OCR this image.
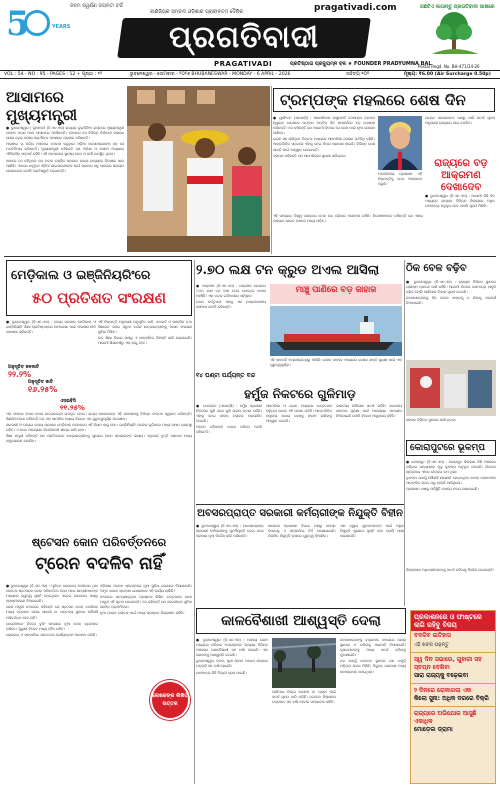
5	YEARS
ଜନ୍ମ ସ୍ୱର୍ଣ୍ଣ ଜୟନ୍ତୀ ବର୍ଷ
ବାଣିଜ୍ୟିକ ସମ୍ବାଦ ଓଡ଼ିଶାର ପ୍ରାଚୀନତମ ଦୈନିକ	pragativadi.com
ପ୍ରଗତିବାଦୀ
PRAGATIVADI	ପ୍ରତିଷ୍ଠାତା ପ୍ରଦ୍ୟୁମ୍ନ ବଳ ★ FOUNDER PRADYUMNA BAL
ଗଛଟିଏ ଲଗାନ୍ତୁ ପ୍ରଗତିବାଦୀ ପାଖରେ
VOL : 54 - NO : 95 - PAGES : 12 + ପୃଷ୍ଠା : ୧୨	ଭୁବନେଶ୍ୱର - ସୋମବାର - ୨୦୨୬ BHUBANESWAR - MONDAY - 6 APRIL - 2026
Postal Regd. No. BH-471/24-26
ମୂଲ୍ୟ: ₹6.00 (Air Surcharge 0.50p)
ସାହିତ୍ୟ ୧୦୨
ଆସାମରେ ମୁଖ୍ୟମନ୍ତ୍ରୀ

● ଭୁବନେଶ୍ୱର / ଗୁଆହାଟୀ (ବି.ଏନ.ଏସ) ରାଜ୍ୟର ଦୁଇଦିନିଆ ଗସ୍ତରେ ମୁଖ୍ୟମନ୍ତ୍ରୀ ମୋହନ ଚରଣ ମାଝୀ ଆସାମରେ ପହଞ୍ଚିଛନ୍ତି। ସେଠାରେ ସେ ବିଭିନ୍ନ ନିର୍ବାଚନୀ ସଭାରେ ଯୋଗ ଦେଇ ଦଳୀୟ ପ୍ରାର୍ଥୀଙ୍କ ସପକ୍ଷରେ ପ୍ରଚାର କରିଛନ୍ତି।

ଆସାମର ଚା ବଗିଚା ଅଞ୍ଚଳରେ ବସବାସ କରୁଥିବା ଓଡ଼ିଆ ଜନସାଧାରଣଙ୍କ ସହ ସେ ମତବିନିମୟ କରିଛନ୍ତି। ମୁଖ୍ୟମନ୍ତ୍ରୀ କହିଛନ୍ତି ଯେ ଓଡ଼ିଶା ଓ ଆସାମ ମଧ୍ୟରେ ଐତିହାସିକ ସମ୍ପର୍କ ରହିଛି। ଏହି ଅବସରରେ ସ୍ଥାନୀୟ ନେତା ଓ କର୍ମୀ ଉପସ୍ଥିତ ଥିଲେ।

ସଭାରେ ସେ କହିଥିଲେ ଯେ ଡବଲ ଇଞ୍ଜିନ ସରକାର ଉଭୟ ରାଜ୍ୟରେ ବିକାଶର ଧାରା ଆଣିଛି। ଏଠାରେ ରହୁଥିବା ଓଡ଼ିଆ ଭାଇଭଉଣୀଙ୍କ ପାଇଁ ସରକାର ସବୁ ପ୍ରକାର ସହାୟତା ଯୋଗାଇବେ ବୋଲି ପ୍ରତିଶ୍ରୁତି ଦେଇଛନ୍ତି।

ଟ୍ରମ୍ପଙ୍କ ମହଲରେ ଶେଷ ଦିନ

● ୱାଶିଂଟନ (ଏଜେନ୍ସି) : ଆମେରିକାର ରାଷ୍ଟ୍ରପତି ଡୋନାଲ୍ଡ ଟ୍ରମ୍ପ ହ୍ୱାଇଟ ହାଉସରେ ତାଙ୍କର ଅନ୍ତିମ ଦିନ ସମ୍ପର୍କରେ ବଡ଼ ଘୋଷଣା କରିଛନ୍ତି। ସେ କହିଛନ୍ତି ଯେ ଆଗାମୀ ଦିନରେ ସେ ଦେଶ ପାଇଁ ନୂଆ ଯୋଜନା ଆଣିବେ।

ଇରାନ ସହ ଚାଲିଥିବା ତିକ୍ତତା ମଧ୍ୟରେ ଆମେରିକା ସେନାର ଗତିବିଧି ବଢ଼ିଛି। ଆନ୍ତର୍ଜାତିକ ସ୍ତରରେ ଏହାକୁ ନେଇ ଚିନ୍ତା ପ୍ରକାଶ ପାଇଛି। ବିଭିନ୍ନ ଦେଶ ଶାନ୍ତି ପାଇଁ ଆହ୍ୱାନ ଦେଇଛନ୍ତି।

ଟ୍ରମ୍ପ କହିଛନ୍ତି ଯେ ଆମେରିକାର ସୁରକ୍ଷା ସର୍ବାଗ୍ରେ।

ଅମେରିକୀୟ ପ୍ରଶାସନ ଏହି ନିଷ୍ପତ୍ତିକୁ ନେଇ ଆଲୋଚନା କରୁଛି।

କେନ୍ଦ୍ର ସରକାରଙ୍କ ପକ୍ଷରୁ ଜାରି ସତର୍କ ସୂଚନା ଅନୁଯାୟୀ ରାଜ୍ୟରେ ପାଗ ବଦଳିବ।

ରାଜ୍ୟରେ ବଡ଼ ଆକ୍ରମଣ ଦେଖାଦେବ

● ଭୁବନେଶ୍ୱର (ବି.ଏନ.ଏସ) : ଆଗାମୀ କିଛି ଦିନ ମଧ୍ୟରେ ରାଜ୍ୟର ବିଭିନ୍ନ ଜିଲ୍ଲାରେ ଅଧିକ ତାପମାତ୍ରା ଅନୁଭୂତ ହେବ ବୋଲି ସୂଚନା ମିଳିଛି।

ଏହି ସମୟରେ ବିଶ୍ୱ ବଜାରରେ ତେଲ ଦର ବଢ଼ିବାର ଆଶଙ୍କା ରହିଛି। ବିଶେଷଜ୍ଞମାନେ କହିଛନ୍ତି ଯେ ଏହାର ପ୍ରଭାବ ଭାରତ ଉପରେ ମଧ୍ୟ ପଡ଼ିବ।

ମେଡ଼ିକାଲ ଓ ଇଞ୍ଜିନିୟରିଂରେ
୫୦ ପ୍ରତିଶତ ସଂରକ୍ଷଣ

● ଭୁବନେଶ୍ୱର (ବି.ଏନ.ଏସ) : ରାଜ୍ୟ ସରକାର ମେଡ଼ିକାଲ ଓ ଇଞ୍ଜିନିୟରିଂ ଶିକ୍ଷା ପ୍ରତିଷ୍ଠାନରେ ନାମଲେଖା ପାଇଁ ସଂରକ୍ଷଣ ନୀତି ଘୋଷଣା କରିଛନ୍ତି।

ଅନୁସୂଚିତ ଜନଜାତି
୨୨.୨%
ଅନୁସୂଚିତ ଜାତି
୧୬.୨୫%
ଏସଇବିସି
୧୧.୨୫%

ଏହି ନିଷ୍ପତ୍ତି ଅନୁଯାୟୀ ଅନୁସୂଚିତ ଜାତି, ଜନଜାତି ଓ ସାମାଜିକ ତଥା ଶିକ୍ଷାଗତ ଭାବେ ପଛୁଆ ବର୍ଗର ଛାତ୍ରଛାତ୍ରୀଙ୍କୁ ଆସନ ସଂରକ୍ଷଣ ସୁବିଧା ମିଳିବ।

ଉଚ୍ଚ ଶିକ୍ଷା ବିଭାଗ ପକ୍ଷରୁ ଏ ସମ୍ପର୍କରେ ବିଜ୍ଞପ୍ତି ଜାରି କରାଯାଇଛି। ଆଗାମୀ ଶିକ୍ଷାବର୍ଷରୁ ଏହା ଲାଗୁ ହେବ।

ଏହା ଫଳରେ ହଜାର ହଜାର ଛାତ୍ରଛାତ୍ରୀ ଉପକୃତ ହେବେ। ରାଜ୍ୟ ସରକାରଙ୍କ ଏହି ପଦକ୍ଷେପକୁ ବିଭିନ୍ନ ସଂଗଠନ ସ୍ୱାଗତ କରିଛନ୍ତି। ଶିକ୍ଷାବିତମାନେ କହିଛନ୍ତି ଯେ ଏହା ସାମାଜିକ ନ୍ୟାୟ ଦିଗରେ ଏକ ଗୁରୁତ୍ୱପୂର୍ଣ୍ଣ ପଦକ୍ଷେପ।

ସରକାରୀ ଓ ଘରୋଇ ଉଭୟ ପ୍ରକାର ମେଡ଼ିକାଲ କଲେଜରେ ଏହି ନିୟମ ଲାଗୁ ହେବ। ଇଞ୍ଜିନିୟରିଂ କଲେଜ ଗୁଡ଼ିକରେ ମଧ୍ୟ ସମାନ ବ୍ୟବସ୍ଥା ରହିବ। ଏ ନେଇ ଆବଶ୍ୟକ ନିର୍ଦ୍ଦେଶାବଳୀ ଶୀଘ୍ର ଜାରି ହେବ।

ଶିକ୍ଷା ମନ୍ତ୍ରୀ କହିଛନ୍ତି ଯେ ପ୍ରତିଭାବାନ ଛାତ୍ରଛାତ୍ରୀଙ୍କୁ ସୁଯୋଗ ଦେବା ସରକାରଙ୍କ ଲକ୍ଷ୍ୟ। ଏଥିପାଇଁ ବୃତ୍ତି ଯୋଜନା ମଧ୍ୟ ସମ୍ପ୍ରସାରଣ କରାଯିବ।

୨.୭୦ ଲକ୍ଷ ଟନ କ୍ରୁଡ ଅଏଲ ଆସିଲା

● ପାରାଦୀପ (ବି.ଏନ.ଏସ) : ପାରାଦୀପ ବନ୍ଦରରେ ୨.୭୦ ଲକ୍ଷ ଟନ କଞ୍ଚା ତେଲ ବୋଝେଇ ଜାହାଜ ପହଞ୍ଚିଛି। ଏହା ବନ୍ଦର ଇତିହାସରେ ସର୍ବାଧିକ।

ବନ୍ଦର କର୍ତ୍ତୃପକ୍ଷ ଏହାକୁ ଏକ ଉଲ୍ଲେଖନୀୟ ସଫଳତା ବୋଲି କହିଛନ୍ତି।

ମାଞ୍ଚୁ ପାଣିରେ ବଡ଼ ଜାହାଜ

ଏହି ଜାହାଜଟି ମଧ୍ୟପ୍ରାଚ୍ୟରୁ ଆସିଛି। ଇରାନ ସଙ୍କଟ ମଧ୍ୟରେ ଦେଶର ଶକ୍ତି ସୁରକ୍ଷା ପାଇଁ ଏହା ଗୁରୁତ୍ୱପୂର୍ଣ୍ଣ।

ଠିକ ବେଳ ବଢ଼ିବ

● ଭୁବନେଶ୍ୱର (ବି.ଏନ.ଏସ) : ରାଜ୍ୟର ବିଭିନ୍ନ ସ୍ଥାନରେ ଗ୍ରୀଷ୍ମ ପ୍ରବାହ ଜାରି ରହିଛି। ଆଗାମୀ ଦିନରେ ତାପମାତ୍ରା ଆହୁରି ବଢ଼ିବ ବୋଲି ପାଣିପାଗ ବିଭାଗ ସୂଚନା ଦେଇଛି।

ଜନସାଧାରଣଙ୍କୁ ଦିନ ବେଳେ ବାହାରକୁ ନ ଯିବାକୁ ପରାମର୍ଶ ଦିଆଯାଇଛି।

ସହରର ବିଭିନ୍ନ ସ୍ଥାନରେ ପାଣି ଛତ୍ର।

ହର୍ମୁଜ ନିକଟରେ ଗୁଳିମାଡ଼
୧୪ ଘଣ୍ଟା ପର୍ଯ୍ୟନ୍ତ ବନ୍ଦ

● ତେହେରାନ (ଏଜେନ୍ସି) : ହର୍ମୁଜ ପ୍ରଣାଳୀ ନିକଟରେ ପୁଣି ଥରେ ଗୁଳି ଚାଳନା ଘଟଣା ଘଟିଛି। ଏହାକୁ ନେଇ ଜାହାଜ ଚଳାଚଳ ପ୍ରଭାବିତ ହୋଇଛି।

ଅନେକ ତୈଳବାହୀ ଜାହାଜ ମଝିରେ ଅଟକି ରହିଛନ୍ତି।

ଆମେରିକା ଓ ଇରାନ ମଧ୍ୟରେ ଉତ୍ତେଜନା ବଢ଼ିଥିବା ବେଳେ ଏହି ଘଟଣା ଘଟିଛି। ଆନ୍ତର୍ଜାତିକ ସମୁଦାୟ ଉଭୟ ଦେଶକୁ ସଂଯମ ରଖିବାକୁ ଆହ୍ୱାନ ଦେଇଛି।

ଭାରତୀୟ ନୌସେନା ସତର୍କ ରହିଛି। ଭାରତୀୟ ଜାହାଜର ସୁରକ୍ଷା ପାଇଁ ଆବଶ୍ୟକ ପଦକ୍ଷେପ ନିଆଯାଇଛି ବୋଲି ବିଦେଶ ମନ୍ତ୍ରାଳୟ କହିଛି।

କୋରାପୁଟରେ ଭୂକମ୍ପ

● କୋରାପୁଟ (ବି.ଏନ.ଏସ) : କୋରାପୁଟ ଜିଲ୍ଲାର କିଛି ଅଞ୍ଚଳରେ ରବିବାର ସନ୍ଧ୍ୟାରେ ମୃଦୁ ଭୂକମ୍ପ ଅନୁଭୂତ ହୋଇଛି। ରିକ୍ଟର ସ୍କେଲରେ ଏହାର ତୀବ୍ରତା କମ ଥିଲା।

ଭୂକମ୍ପ ଯୋଗୁଁ କୌଣସି କ୍ଷୟକ୍ଷତି ହୋଇନଥିବା ବେଳେ ଲୋକମାନେ ଆତଙ୍କିତ ହୋଇ ଘରୁ ବାହାରି ଆସିଥିଲେ।

ପ୍ରଶାସନ ପକ୍ଷରୁ ପରିସ୍ଥିତି ଉପରେ ନଜର ରଖାଯାଇଛି।

ଅବସରପ୍ରାପ୍ତ ସରକାରୀ କର୍ମଚାରୀଙ୍କ ନିଯୁକ୍ତି ବିହୀନ

● ଭୁବନେଶ୍ୱର (ବି.ଏନ.ଏସ) : ଅବସରପ୍ରାପ୍ତ ସରକାରୀ କର୍ମଚାରୀଙ୍କୁ ପୁନର୍ନିଯୁକ୍ତି ଦେବା ନେଇ ସରକାର ନୂଆ ନିର୍ଦ୍ଦେଶ ଜାରି କରିଛନ୍ତି।

ସାଧାରଣ ପ୍ରଶାସନ ବିଭାଗ ପକ୍ଷରୁ ସମସ୍ତ ବିଭାଗକୁ ଏ ସମ୍ପର୍କରେ ଚିଠି ଲେଖାଯାଇଛି। ନିୟମିତ ନିଯୁକ୍ତି ଉପରେ ଗୁରୁତ୍ୱ ଦିଆଯିବ।

ଏହା ଦ୍ୱାରା ଯୁବକମାନଙ୍କ ପାଇଁ ଅଧିକ ନିଯୁକ୍ତି ସୁଯୋଗ ସୃଷ୍ଟି ହେବ ବୋଲି ଆଶା କରାଯାଉଛି।

ଜିଲ୍ଲାପାଳ ଅଧିକାରୀମାନଙ୍କୁ ସତର୍କ ରହିବାକୁ ନିର୍ଦ୍ଦେଶ ଦେଇଛନ୍ତି।

ଷ୍ଟେସନ କୋନ ପରିବର୍ତ୍ତନରେ
ଟ୍ରେନ ବଦଳିବ ନାହିଁ

● ଭୁବନେଶ୍ୱର (ବି.ଏନ.ଏସ) : ପୂର୍ବତଟ ରେଳବାଇ ଅଧୀନରେ ଥିବା କେତେକ ଷ୍ଟେସନର କୋଡ଼ ପରିବର୍ତ୍ତନ ହେବା ପରେ ଯାତ୍ରୀମାନଙ୍କ ମଧ୍ୟରେ ଦ୍ୱନ୍ଦ୍ୱ ସୃଷ୍ଟି ହୋଇଥିଲା। ଏନେଇ ରେଳବାଇ ପକ୍ଷରୁ ସ୍ପଷ୍ଟୀକରଣ ଦିଆଯାଇଛି।

ରେଳ ମନ୍ତ୍ରୀ ସଂସଦରେ କହିଛନ୍ତି ଯେ ଷ୍ଟେସନ କୋଡ଼ ବଦଳିଲେ ମଧ୍ୟ ଟ୍ରେନର ସମୟ ସାରଣୀ ବା ଗନ୍ତବ୍ୟ ସ୍ଥଳରେ କୌଣସି ପରିବର୍ତ୍ତନ ହେବ ନାହିଁ।

ଯାତ୍ରୀମାନେ ଟିକେଟ ବୁକିଂ ସମୟରେ ନୂଆ କୋଡ଼ ବ୍ୟବହାର କରିବେ। ପୁରୁଣା ଟିକେଟ ମଧ୍ୟ ବୈଧ ରହିବ।

ରେଳବାଇ ଏ ସମ୍ପର୍କରେ ସଚେତନତା କାର୍ଯ୍ୟକ୍ରମ ଆରମ୍ଭ କରିଛି।

ଓଡ଼ିଶାର ଅନେକ ଷ୍ଟେସନରେ ନୂଆ ସୁବିଧା ଯୋଗାଇ ଦିଆଯାଉଛି। ଅମୃତ ଭାରତ ଷ୍ଟେସନ ଯୋଜନାରେ ଏହି କାର୍ଯ୍ୟ ଚାଲିଛି।

ସଂସଦରେ ପଚରାଯାଇଥିବା ପ୍ରଶ୍ନର ଲିଖିତ ଉତ୍ତରରେ ରେଳ ମନ୍ତ୍ରୀ ଏହି ସୂଚନା ଦେଇଛନ୍ତି। ସେ କହିଛନ୍ତି ଯେ ଯାତ୍ରୀଙ୍କ ସୁବିଧା ସର୍ବୋଚ୍ଚ ପ୍ରାଥମିକତା।

ନୂଆ ଟ୍ରେନ ଚଳାଚଳ ପାଇଁ ମଧ୍ୟ ପ୍ରସ୍ତାବ ବିଚାରାଧୀନ ରହିଛି।

ଲେଖକଙ୍କ ଲିଖିତ ଉତ୍ତର
କାଳବୈଶାଖୀ ଆଶ୍ୱସ୍ତି ଦେଲା

● ଭୁବନେଶ୍ୱର (ବି.ଏନ.ଏସ) : ଅସହ୍ୟ ଗରମ ମଧ୍ୟରେ ରବିବାର ଅପରାହ୍ନରେ ରାଜ୍ୟର ବିଭିନ୍ନ ଅଞ୍ଚଳରେ କାଳବୈଶାଖୀ ସହ ବର୍ଷା ହୋଇଛି। ଏହା ଲୋକଙ୍କୁ ଆଶ୍ୱସ୍ତି ଦେଇଛି।

ଭୁବନେଶ୍ୱର, କଟକ, ପୁରୀ ସମେତ ଅନେକ ସହରରେ ଘଡ଼ଘଡ଼ି ସହ ବର୍ଷା ହୋଇଛି।

ତାପମାତ୍ରା କିଛି ଡିଗ୍ରୀ ହ୍ରାସ ପାଇଛି।

ପାଣିପାଗ ବିଭାଗ ଆଗାମୀ ୪୮ ଘଣ୍ଟା ପାଇଁ ସତର୍କ ସୂଚନା ଜାରି କରିଛି। କେତେକ ଜିଲ୍ଲାରେ ବଜ୍ରପାତ ସହ ବର୍ଷା ହେବାର ସମ୍ଭାବନା ରହିଛି।

ଜନସାଧାରଣଙ୍କୁ ବଜ୍ରପାତ ସମୟରେ ଖୋଲା ସ୍ଥାନରେ ନ ରହିବାକୁ ପରାମର୍ଶ ଦିଆଯାଇଛି। କୃଷକମାନଙ୍କୁ ମଧ୍ୟ ସତର୍କ ରହିବାକୁ କୁହାଯାଇଛି।

ଝଡ଼ ଯୋଗୁଁ କେତେକ ସ୍ଥାନରେ ଗଛ ଉପୁଡ଼ି ପଡ଼ିଥିବା ଖବର ମିଳିଛି। ବିଦ୍ୟୁତ ଯୋଗାଣ ମଧ୍ୟ ବାଧାପ୍ରାପ୍ତ ହୋଇଥିଲା।

ପ୍ରକାଶନରେ ଓ ଫାଷ୍ଟରେ ଲାଗି ରହିବୁ ବିଜୟ
ବଦଳିବ ଇତିହାସ
ଏହି ଖବର ପଢ଼ନ୍ତୁ
ସ୍ୱ ଦିନ ସଭାରେ, ଗୁହାରୀ ସହ ସ୍ବପ୍ନ ଦେଖିବା
ସାରା ରାଜ୍ୟକୁ ବଢ଼େଇବା
୨ ଦିନରେ ରୋକାଗଲା ଏକ
କିଲୋ ସୁନା: ଅଧିକ ଦରରେ ବିକ୍ରି
ରାଜ୍ୟରେ ଅଭିଯୋଗ ଆସୁଛି ଏକାଧିକ
ମୋଡ଼େଲ ଡ୍ରାମା
